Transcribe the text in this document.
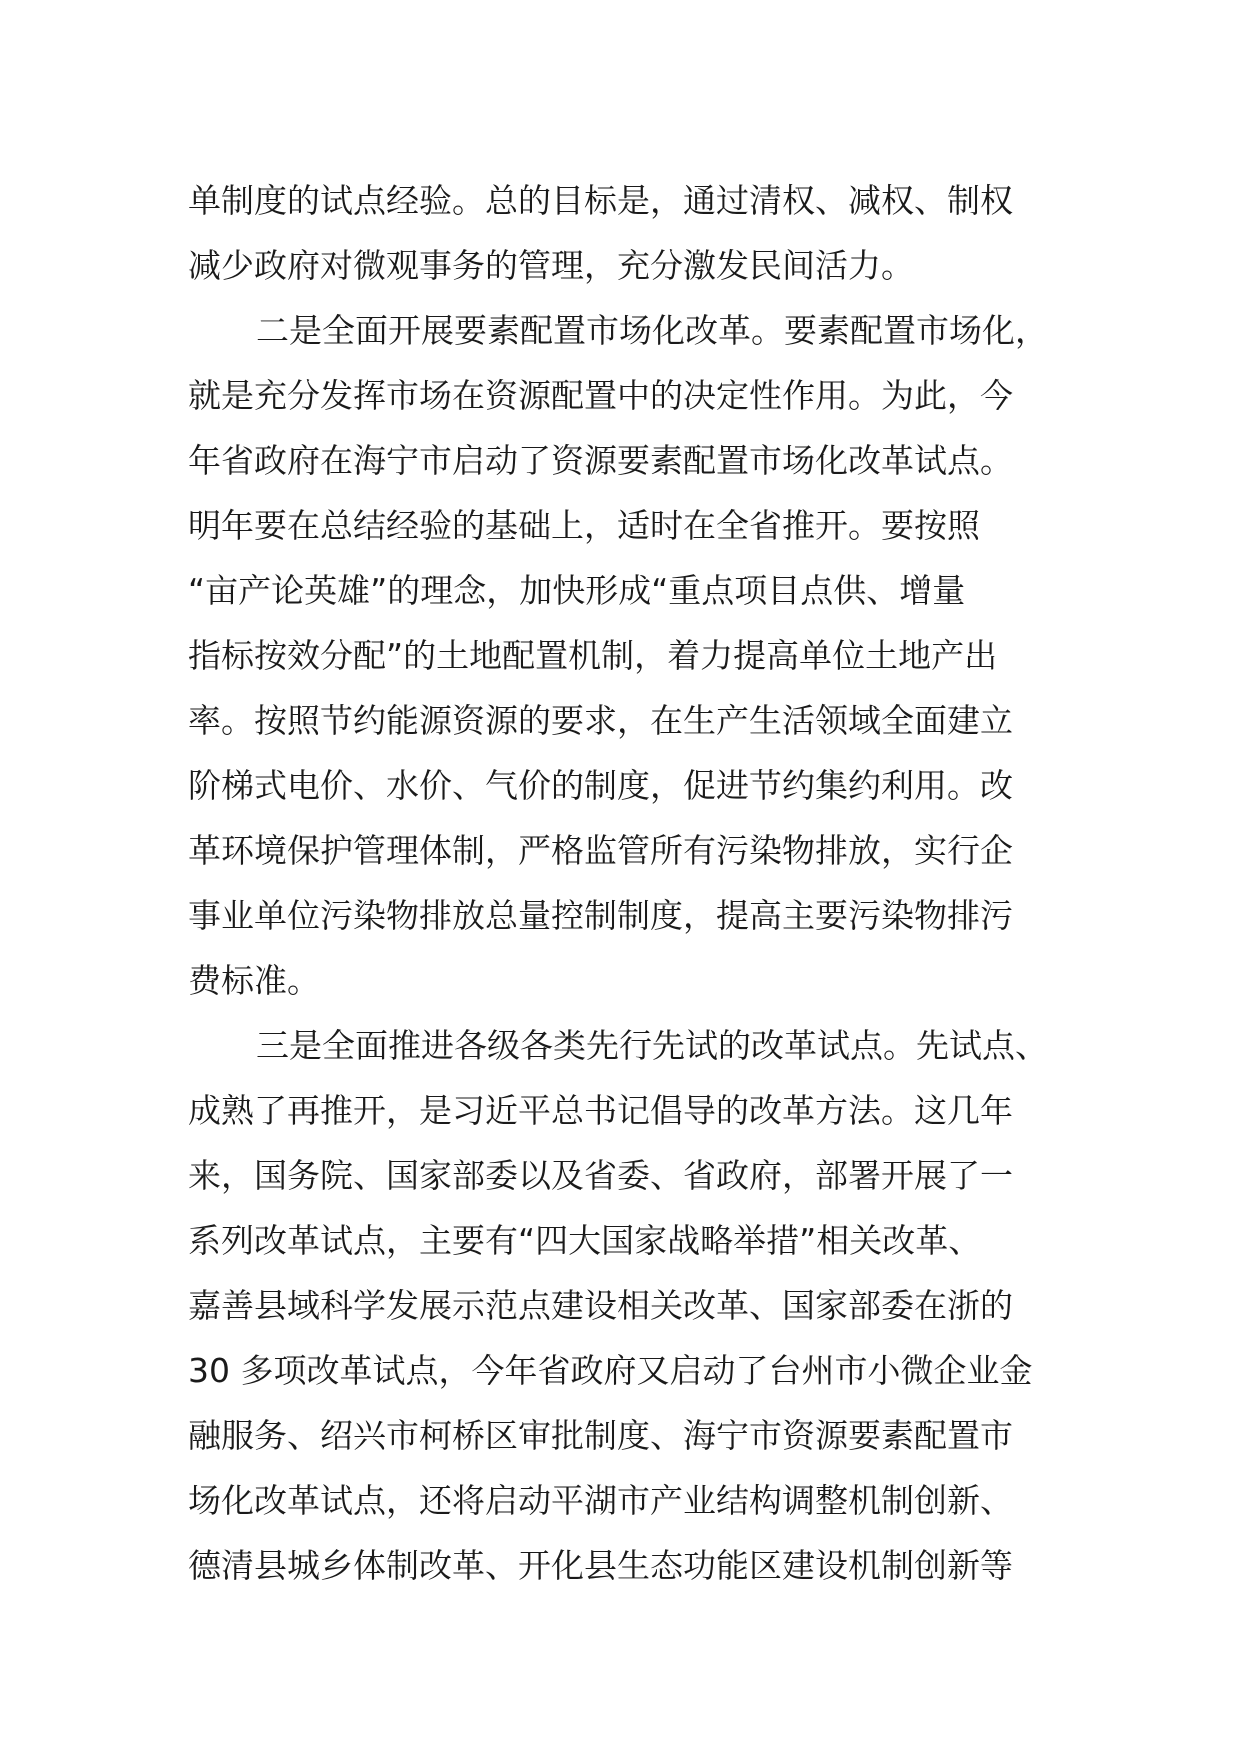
单制度的试点经验。总的目标是，通过清权、减权、制权
减少政府对微观事务的管理，充分激发民间活力。
二是全面开展要素配置市场化改革。要素配置市场化，
就是充分发挥市场在资源配置中的决定性作用。为此，今
年省政府在海宁市启动了资源要素配置市场化改革试点。
明年要在总结经验的基础上，适时在全省推开。要按照
“亩产论英雄”的理念，加快形成“重点项目点供、增量
指标按效分配”的土地配置机制，着力提高单位土地产出
率。按照节约能源资源的要求，在生产生活领域全面建立
阶梯式电价、水价、气价的制度，促进节约集约利用。改
革环境保护管理体制，严格监管所有污染物排放，实行企
事业单位污染物排放总量控制制度，提高主要污染物排污
费标准。
三是全面推进各级各类先行先试的改革试点。先试点、
成熟了再推开，是习近平总书记倡导的改革方法。这几年
来，国务院、国家部委以及省委、省政府，部署开展了一
系列改革试点，主要有“四大国家战略举措”相关改革、
嘉善县域科学发展示范点建设相关改革、国家部委在浙的
30 多项改革试点，今年省政府又启动了台州市小微企业金
融服务、绍兴市柯桥区审批制度、海宁市资源要素配置市
场化改革试点，还将启动平湖市产业结构调整机制创新、
德清县城乡体制改革、开化县生态功能区建设机制创新等
